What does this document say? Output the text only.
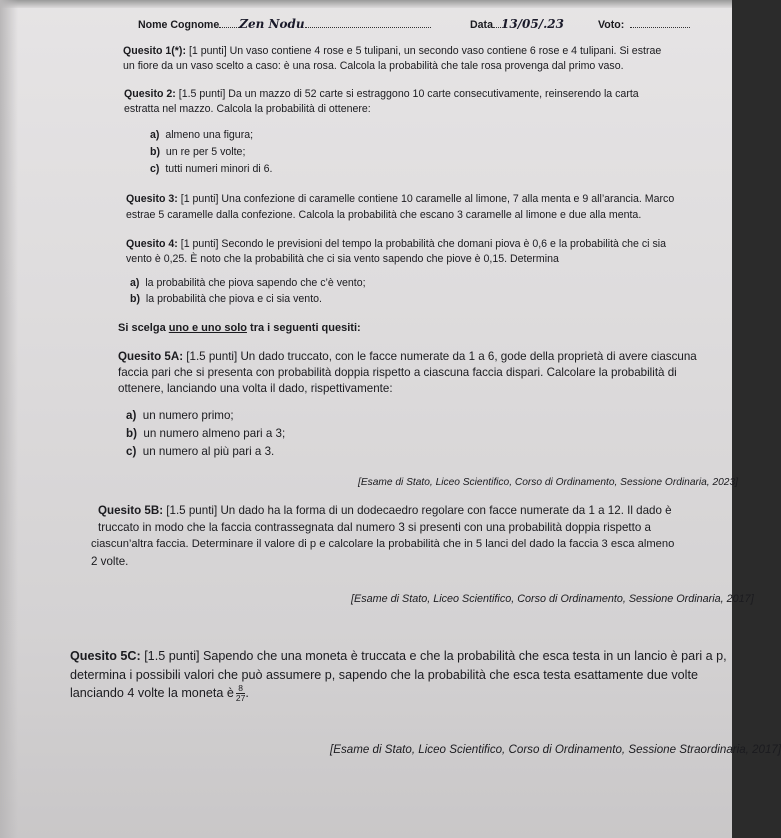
Nome Cognome Zen Nodu	Data 13/05/.23	Voto:
Quesito 1(*): [1 punti] Un vaso contiene 4 rose e 5 tulipani, un secondo vaso contiene 6 rose e 4 tulipani. Si estrae
un fiore da un vaso scelto a caso: è una rosa. Calcola la probabilità che tale rosa provenga dal primo vaso.
Quesito 2: [1.5 punti] Da un mazzo di 52 carte si estraggono 10 carte consecutivamente, reinserendo la carta
estratta nel mazzo. Calcola la probabilità di ottenere:
a) almeno una figura;
b) un re per 5 volte;
c) tutti numeri minori di 6.
Quesito 3: [1 punti] Una confezione di caramelle contiene 10 caramelle al limone, 7 alla menta e 9 all’arancia. Marco
estrae 5 caramelle dalla confezione. Calcola la probabilità che escano 3 caramelle al limone e due alla menta.
Quesito 4: [1 punti] Secondo le previsioni del tempo la probabilità che domani piova è 0,6 e la probabilità che ci sia
vento è 0,25. È noto che la probabilità che ci sia vento sapendo che piove è 0,15. Determina
a) la probabilità che piova sapendo che c’è vento;
b) la probabilità che piova e ci sia vento.
Si scelga uno e uno solo tra i seguenti quesiti:
Quesito 5A: [1.5 punti] Un dado truccato, con le facce numerate da 1 a 6, gode della proprietà di avere ciascuna
faccia pari che si presenta con probabilità doppia rispetto a ciascuna faccia dispari. Calcolare la probabilità di
ottenere, lanciando una volta il dado, rispettivamente:
a) un numero primo;
b) un numero almeno pari a 3;
c) un numero al più pari a 3.
[Esame di Stato, Liceo Scientifico, Corso di Ordinamento, Sessione Ordinaria, 2023]
Quesito 5B: [1.5 punti] Un dado ha la forma di un dodecaedro regolare con facce numerate da 1 a 12. Il dado è
truccato in modo che la faccia contrassegnata dal numero 3 si presenti con una probabilità doppia rispetto a
ciascun’altra faccia. Determinare il valore di p e calcolare la probabilità che in 5 lanci del dado la faccia 3 esca almeno
2 volte.
[Esame di Stato, Liceo Scientifico, Corso di Ordinamento, Sessione Ordinaria, 2017]
Quesito 5C: [1.5 punti] Sapendo che una moneta è truccata e che la probabilità che esca testa in un lancio è pari a p,
determina i possibili valori che può assumere p, sapendo che la probabilità che esca testa esattamente due volte
lanciando 4 volte la moneta è $\frac{8}{27}$ .
[Esame di Stato, Liceo Scientifico, Corso di Ordinamento, Sessione Straordinaria, 2017]
